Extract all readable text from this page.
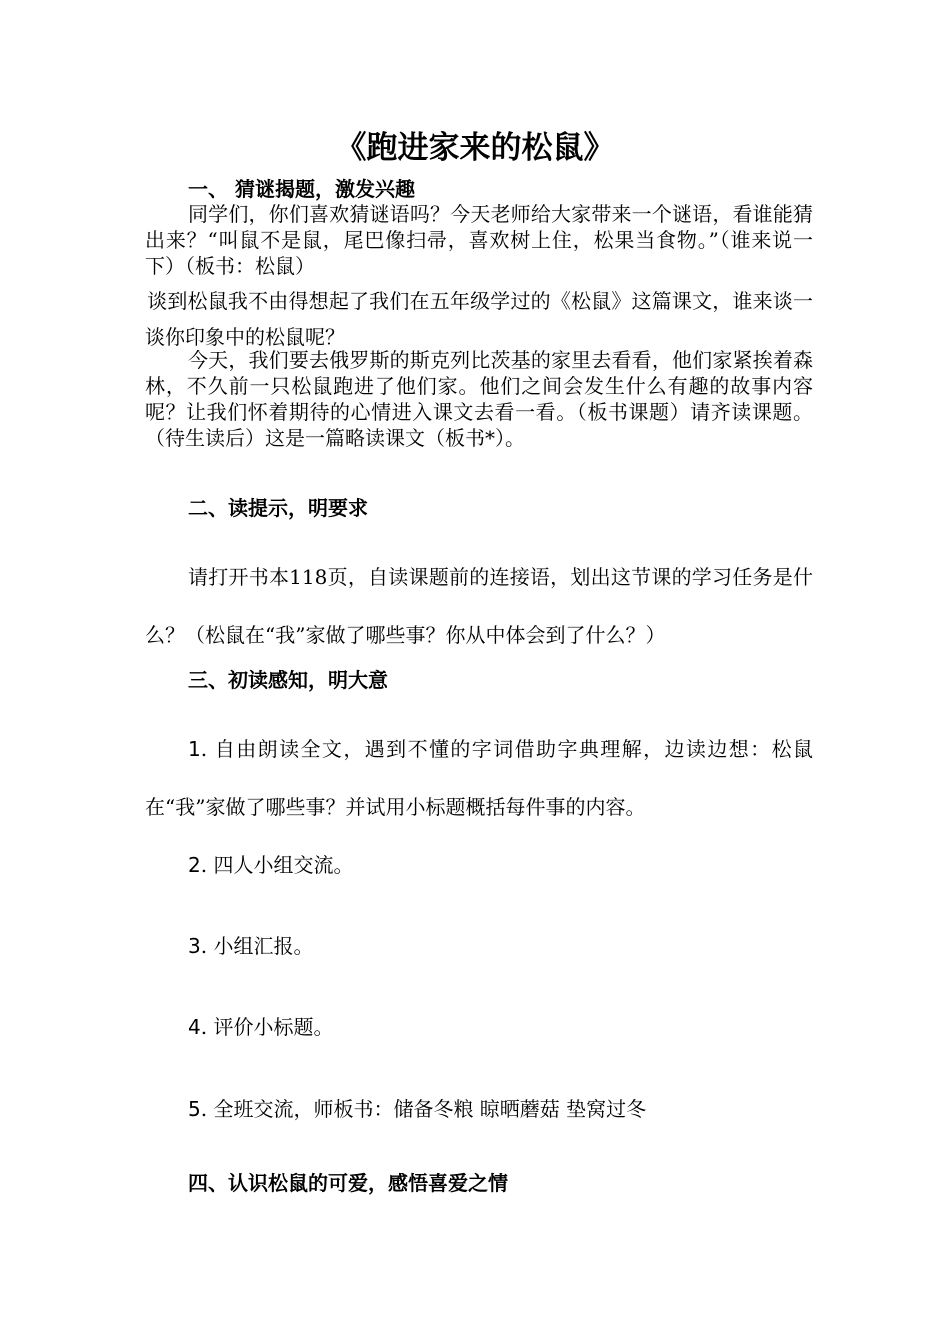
《跑进家来的松鼠》
一、 猜谜揭题，激发兴趣
同学们，你们喜欢猜谜语吗？今天老师给大家带来一个谜语，看谁能猜出来？“叫鼠不是鼠，尾巴像扫帚，喜欢树上住，松果当食物。”（谁来说一下）（板书：松鼠）
谈到松鼠我不由得想起了我们在五年级学过的《松鼠》这篇课文，谁来谈一谈你印象中的松鼠呢？
今天，我们要去俄罗斯的斯克列比茨基的家里去看看，他们家紧挨着森林，不久前一只松鼠跑进了他们家。他们之间会发生什么有趣的故事内容呢？让我们怀着期待的心情进入课文去看一看。（板书课题）请齐读课题。（待生读后）这是一篇略读课文（板书*）。
二、读提示，明要求
请打开书本118页，自读课题前的连接语，划出这节课的学习任务是什么？（松鼠在“我”家做了哪些事？你从中体会到了什么？）
三、初读感知，明大意
1. 自由朗读全文，遇到不懂的字词借助字典理解，边读边想：松鼠在“我”家做了哪些事？并试用小标题概括每件事的内容。
2. 四人小组交流。
3. 小组汇报。
4. 评价小标题。
5. 全班交流，师板书：储备冬粮 晾晒蘑菇 垫窝过冬
四、认识松鼠的可爱，感悟喜爱之情
